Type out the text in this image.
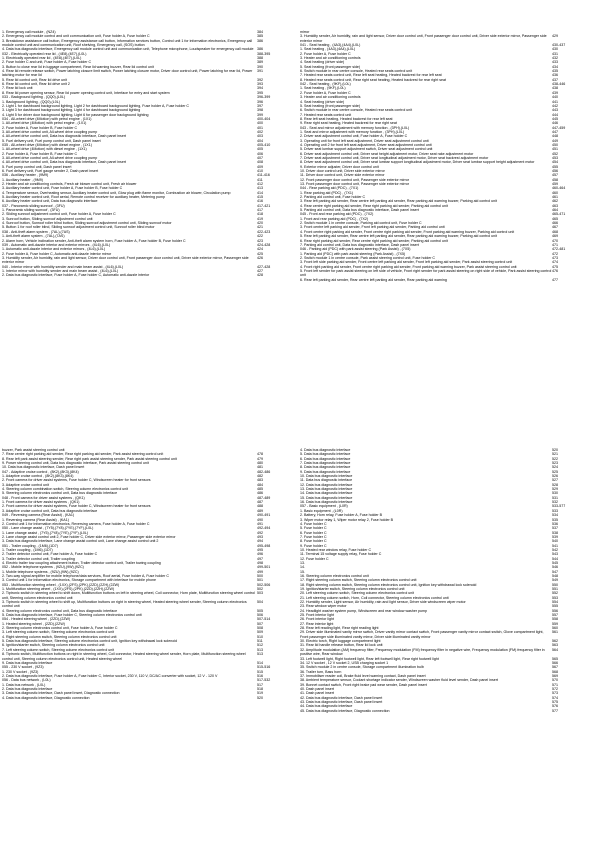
1. Emergency call module , (NZ4)	384
2. Emergency call module control and unit communication unit, Fuse holder A, Fuse holder C	385
3. Breakdown assistance call button, Emergency assistance call button, Information services button, Control unit 1 for information electronics, Emergency call module control unit and communication unit, Roof shelving, Emergency call, (SOS) button
386
4. Data bus diagnostic interface, Emergency call module control unit and communication unit, Telephone microphone, Loudspeaker for emergency call module 386
032 - Electrically operated rear lid , (4E8),(4E7),(L0L)	388-395
1. Electrically operated rear lid , (4E8),(4E7),(L0L)	388
2. Fuse holder C and unit, Fuse holder A, Fuse holder C	389
3. Button to close rear lid in luggage compartment, Rear lid warning buzzer, Rear lid control unit	390
4. Rear lid remote release switch, Power latching closure limit switch, Power latching closure motor, Driver door control unit, Power latching for rear lid, Power latching motor for rear lid
391
5. Rear lid control unit, Rear lid drive unit	392
6. Rear lid control unit, Rear lid drive unit 2	393
7. Rear lid lock unit	394
8. Rear lid power opening sensor, Rear lid power opening control unit, Interface for entry and start system	395
033 - Background lighting , (QQ0),(L0L)	396-399
1. Background lighting , (QQ0),(L0L)	396
2. Light 1 for dashboard background lighting, Light 2 for dashboard background lighting, Fuse holder A, Fuse holder C	397
3. Light 3 for dashboard background lighting, Light 4 for dashboard background lighting	398
4. Light 5 for driver door background lighting, Light 6 for passenger door background lighting	399
034 - All-wheel drive (4Motion) with petrol engine , (1X1)	400-404
1. All-wheel drive (4Motion) with petrol engine , (1X1)	400
2. Fuse holder A, Fuse holder B, Fuse holder C	401
3. All-wheel drive control unit, All-wheel drive coupling pump	402
4. All-wheel drive control unit, Data bus diagnostic interface, Dash panel insert	403
5. Fuel delivery unit, Fuel pump control unit, Dash panel insert	404
035 - All-wheel drive (4Motion) with diesel engine , (1X1)	405-410
1. All-wheel drive (4Motion) with diesel engine , (1X1)	405
2. Fuse holder A, Fuse holder B, Fuse holder C	406
3. All-wheel drive control unit, All-wheel drive coupling pump	407
4. All-wheel drive control unit, Data bus diagnostic interface, Dash panel insert	408
5. Fuel pump control unit, Dash panel insert	409
6. Fuel delivery unit, Fuel gauge sender 2, Dash panel insert	410
036 - Auxiliary heater , (9M9)	411-416
1. Auxiliary heater , (9M9)	411
2. Heater and air conditioning controls, Fresh air blower control unit, Fresh air blower	412
3. Auxiliary heater control unit, Fuse holder A, Fuse holder B, Fuse holder C	413
4. Temperature sensor, Overheating sensor, Auxiliary heater control unit, Glow plug with flame monitor, Combustion air blower, Circulation pump	414
5. Auxiliary heater control unit, Roof aerial, Remote control receiver for auxiliary heater, Metering pump	415
6. Auxiliary heater control unit, Data bus diagnostic interface	416
037 - Panoramic sliding sunroof , (3FU)	417-421
1. Panoramic sliding sunroof , (3FU)	417
2. Sliding sunroof adjustment control unit, Fuse holder A, Fuse holder C	418
3. Sunroof button, Sliding sunroof adjustment control unit	419
4. Sunroof button, Sunroof roller blind button, Sliding sunroof adjustment control unit, Sliding sunroof motor	420
5. Button 1 for roof roller blind, Sliding sunroof adjustment control unit, Sunroof roller blind motor	421
038 - Anti-theft alarm system , (7AL),(7AS)	422-423
1. Anti-theft alarm system , (7AL),(7AS)	422
2. Alarm horn, Vehicle inclination sender, Anti-theft alarm system horn, Fuse holder A, Fuse holder B, Fuse holder C	423
039 - Automatic anti-dazzle interior and exterior mirrors , (4L6),(L0L)	424-428
1. Automatic anti-dazzle interior and exterior mirrors , (4L6),(L0L)	424
2. Fuse holder A, Fuse holder C, Automatic anti-dazzle interior mirror	425
3. Humidity sender, Air humidity, rain and light sensor, Driver door control unit, Front passenger door control unit, Driver side exterior mirror, Passenger side exterior mirror
426
040 - Interior mirror with humidity sender and main beam assist , (4L6),(L0L)	427-428
1. Interior mirror with humidity sender and main beam assist , (4L6),(L0L)	427
2. Data bus diagnostic interface, Fuse holder A, Fuse holder C, Automatic anti-dazzle interior	428
mirror
3. Humidity sender, Air humidity, rain and light sensor, Driver door control unit, Front passenger door control unit, Driver side exterior mirror, Passenger side exterior mirror
429
041 - Seat heating , (4A3),(4A4),(L0L)	430-437
1. Seat heating , (4A3),(4A4),(L0L)	430
2. Fuse holder A, Fuse holder C	431
3. Heater and air conditioning controls	432
4. Seat heating (driver side)	433
5. Seat heating (front passenger side)	434
6. Switch module in rear centre console, Heated rear seats control unit	435
7. Heated rear seats control unit, Rear left seat heating, Heated backrest for rear left seat	436
8. Heated rear seats control unit, Rear right seat heating, Heated backrest for rear right seat	437
042 - Seat heating , (9KF),(L0L)	438-446
1. Seat heating , (9KF),(L0L)	438
2. Fuse holder A, Fuse holder C	439
3. Heater and air conditioning controls	440
4. Seat heating (driver side)	441
5. Seat heating (front passenger side)	442
6. Switch module in rear centre console, Heated rear seats control unit	443
7. Heated rear seats control unit	444
8. Rear left seat heating, Heated backrest for rear left seat	445
9. Rear right seat heating, Heated backrest for rear right seat	446
043 - Seat and mirror adjustment with memory function , (3PH),(L0L)	447-459
1. Seat and mirror adjustment with memory function , (3PH),(L0L)	447
2. Driver seat adjustment control unit, Fuse holder A, Fuse holder C	448
3. Operating unit for front left seat adjustment, Driver seat adjustment control unit	449
4. Operating unit 2 for front left seat adjustment, Driver seat adjustment control unit	450
5. Driver seat lumbar support adjustment switch, Driver seat adjustment control unit	451
6. Driver seat adjustment control unit, Driver seat height adjustment motor, Driver seat rake adjustment motor	452
7. Driver seat adjustment control unit, Driver seat longitudinal adjustment motor, Driver seat backrest adjustment motor	453
8. Driver seat adjustment control unit, Driver seat lumbar support longitudinal adjustment motor, Driver seat lumbar support height adjustment motor	454
9. Exterior mirror adjuster, Driver door control unit	455
10. Driver door control unit, Driver side exterior mirror	456
11. Driver door control unit, Driver side exterior mirror	457
12. Front passenger door control unit, Passenger side exterior mirror	458
13. Front passenger door control unit, Passenger side exterior mirror	459
044 - Rear parking aid (PDC) , (7X1)	460-464
1. Rear parking aid (PDC) , (7X1)	460
2. Parking aid control unit, Fuse holder C	461
3. Rear left parking aid sender, Rear centre left parking aid sender, Rear parking aid warning buzzer, Parking aid control unit	462
4. Rear centre right parking aid sender, Rear right parking aid sender, Parking aid control unit	463
5. Parking aid control unit, Data bus diagnostic interface, Dash panel insert	464
045 - Front and rear parking aid (PDC) , (7X2)	465-471
1. Front and rear parking aid (PDC) , (7X2)	465
2. Switch module 1 in centre console, Parking aid control unit, Fuse holder C	466
3. Front centre left parking aid sender, Front left parking aid sender, Parking aid control unit	467
4. Front centre right parking aid sender, Front centre right parking aid sender, Front parking aid warning buzzer, Parking aid control unit	468
5. Rear left parking aid sender, Rear centre left parking aid sender, Rear parking aid warning buzzer, Parking aid control unit	469
6. Rear right parking aid sender, Rear centre right parking aid sender, Parking aid control unit	470
7. Parking aid control unit, Data bus diagnostic interface, Dash panel insert	471
046 - Parking aid (PDC) with park assist steering (Park Assist) , (7X5)	472-481
1. Parking aid (PDC) with park assist steering (Park Assist) , (7X5)	472
2. Switch module 1 in centre console, Park assist steering control unit, Fuse holder C	473
3. Front left side parking aid sender, Front centre left parking aid sender, Front left parking aid sender, Park assist steering control unit	474
4. Front right parking aid sender, Front centre right parking aid sender, Front parking aid warning buzzer, Park assist steering control unit	475
5. Front left sender for park assist steering on left side of vehicle, Front right sender for park assist steering on right side of vehicle, Park assist steering control unit
476
6. Rear left parking aid sender, Rear centre left parking aid sender, Rear parking aid warning	477
buzzer, Park assist steering control unit
7. Rear centre right parking aid sender, Rear right parking aid sender, Park assist steering control unit	478
8. Rear left park assist steering sender, Rear right park assist steering sender, Park assist steering control unit	479
9. Power steering control unit, Data bus diagnostic interface, Park assist steering control unit	480
10. Data bus diagnostic interface, Dash panel insert	481
047 - Adaptive cruise control , (8K2),(8K3),(8K4)	482-486
1. Adaptive cruise control , (8K2),(8K3),(8K4)	482
2. Front camera for driver assist systems, Fuse holder C, Windscreen heater for front sensors	483
3. Adaptive cruise control unit	484
4. Steering column combination switch, Steering column electronics control unit	485
5. Steering column electronics control unit, Data bus diagnostic interface	486
048 - Front camera for driver assist systems , (QK1)	487-489
1. Front camera for driver assist systems , (QK1)	487
2. Front camera for driver assist systems, Fuse holder C, Windscreen heater for front sensors	488
3. Adaptive cruise control unit, Data bus diagnostic interface	489
049 - Reversing camera (Rear Assist) , (KA1)	490-491
1. Reversing camera (Rear Assist) , (KA1)	490
2. Control unit 1 for information electronics, Reversing camera, Fuse holder A, Fuse holder C	491
050 - Lane change assist , (7Y5),(7Y8),(7YE),(7YF),(L0L)	492-494
1. Lane change assist , (7Y5),(7Y8),(7YE),(7YF),(L0L)	492
2. Lane change assist control unit 2, Fuse holder C, Driver side exterior mirror, Passenger side exterior mirror	493
3. Data bus diagnostic interface, Lane change assist control unit, Lane change assist control unit 2	494
051 - Trailer coupling , (1M6),(1D7)	495-498
1. Trailer coupling , (1M6),(1D7)	495
2. Trailer detector control unit, Fuse holder A, Fuse holder C	496
3. Trailer detector control unit, Trailer coupling	497
4. Electric trailer tow coupling attachment button, Trailer detector control unit, Trailer towing coupling	498
052 - Mobile telephone systems , (9ZU),(9W),(9ZC)	499-501
1. Mobile telephone systems , (9ZU),(9W),(9ZC)	499
2. Two-way signal amplifier for mobile telephone/data services, Roof aerial, Fuse holder A, Fuse holder C	500
3. Control unit 1 for information electronics, Storage compartment with interface for mobile phone	501
053 - Multifunction steering wheel , (1XX),(2FS),(2PK),(2ZD),(2ZH),(2ZW)	502-506
1. Multifunction steering wheel , (1XX),(2FS),(2PK),(2ZD),(2ZH),(2ZW)	502
2. Tiptronic switch in steering wheel to shift down, Multifunction buttons on left in steering wheel, Coil connector, Horn plate, Multifunction steering wheel control unit, Steering column electronics control unit
503
3. Tiptronic switch in steering wheel to shift up, Multifunction buttons on right in steering wheel, Heated steering wheel sender, Steering column electronics control unit
504
4. Steering column electronics control unit, Data bus diagnostic interface	505
5. Data bus diagnostic interface, Fuse holder C, Steering column electronics control unit	506
054 - Heated steering wheel , (2ZD),(2ZW)	507-514
1. Heated steering wheel , (2ZD),(2ZW)	507
2. Steering column electronics control unit, Fuse holder A, Fuse holder C	508
3. Left steering column switch, Steering column electronics control unit	509
4. Right steering column switch, Steering column electronics control unit	510
5. Data bus diagnostic interface, Steering column electronics control unit, Ignition key withdrawal lock solenoid	511
6. Ignition/starter switch, Steering column electronics control unit	512
7. Left steering column switch, Steering column electronics control unit	513
8. Tiptronic switch, Multifunction buttons on right in steering wheel, Coil connector, Heated steering wheel sender, Horn plate, Multifunction steering wheel control unit, Steering column electronics control unit, Heated steering wheel
513
9. Data bus diagnostic interface	514
055 - 230 V socket , (9Z3)	515-516
1. 230 V socket , (9Z3)	515
2. Data bus diagnostic interface, Fuse holder A, Fuse holder C, Interior socket, 230 V, 110 V, DC/AC converter with socket, 12 V - 120 V	516
056 - Data bus network , (L0L)	517-532
1. Data bus network , (L0L)	517
2. Data bus diagnostic interface	518
3. Data bus diagnostic interface, Dash panel insert, Diagnostic connection	519
4. Data bus diagnostic interface, Diagnostic connection	520
4. Data bus diagnostic interface	520
5. Data bus diagnostic interface	521
6. Data bus diagnostic interface	522
7. Data bus diagnostic interface	523
8. Data bus diagnostic interface	524
9. Data bus diagnostic interface	525
10. Data bus diagnostic interface	526
11. Data bus diagnostic interface	527
12. Data bus diagnostic interface	528
13. Data bus diagnostic interface	529
14. Data bus diagnostic interface	530
15. Data bus diagnostic interface	531
16. Data bus diagnostic interface	532
057 - Basic equipment , (L0R)	533-577
1. Basic equipment , (L0R)	533
2. Battery, Horn relay, Fuse holder A, Fuse holder B	534
3. Wiper motor relay 1, Wiper motor relay 2, Fuse holder B	535
4. Fuse holder C	536
5. Fuse holder C	537
6. Fuse holder C	538
7. Fuse holder C	539
8. Fuse holder C	540
9. Fuse holder C	541
10. Heated rear window relay, Fuse holder C	542
11. Terminal 15 voltage supply relay, Fuse holder C	543
12. Fuse holder C	544
13.	545
14.	546
15.	547
16. Steering column electronics control unit	548
17. Right steering column switch, Steering column electronics control unit	549
18. Right steering column switch, Steering column electronics control unit, Ignition key withdrawal lock solenoid	550
19. Ignition/starter switch, Steering column electronics control unit	551
20. Left steering column switch, Steering column electronics control unit	552
21. Left steering column switch, Horn, Coil connector, Steering column electronics control unit	553
22. Humidity sender, Light sensor, Air humidity, rain and light sensor, Driver side windscreen wiper motor	554
23. Rear window wiper motor	555
24. Headlight washer system pump, Windscreen and rear window washer pump	556
25. Front interior light	557
26. Front interior light	558
27. Rear interior light	559
28. Rear left reading light, Rear right reading light	560
29. Driver side illuminated vanity mirror switch, Driver vanity mirror contact switch, Front passenger vanity mirror contact switch, Glove compartment light, Front passenger side illuminated vanity mirror, Driver side illuminated vanity mirror
561
30. Electric torch, Right luggage compartment light	562
31. Rear lid handle release button, Rear lid lock unit	563
32. Amplitude modulation (AM) frequency filter, Frequency modulation (FM) frequency filter in negative wire, Frequency modulation (FM) frequency filter in positive wire, Rear window
564
33. Left footwell light, Right footwell light, Rear left footwell light, Rear right footwell light	565
34. 12 V socket , 12 V socket 2, USB charging socket 1	566
35. Switch module 2 in centre console, Storage compartment illumination bulb	567
36. Trailer turn, Bass horn	568
37. Immobiliser reader coil, Brake fluid level warning contact, Dash panel insert	569
38. Ambient temperature sensor, Coolant shortage indicator sender, Windscreen washer fluid level sender, Dash panel insert	570
39. Bonnet contact switch, Front right brake pad wear sender, Dash panel insert	571
40. Dash panel insert	572
41. Dash panel insert	573
42. Data bus diagnostic interface, Dash panel insert	574
43. Data bus diagnostic interface, Dash panel insert	575
44. Data bus diagnostic interface	576
45. Data bus diagnostic interface, Diagnostic connection	577
